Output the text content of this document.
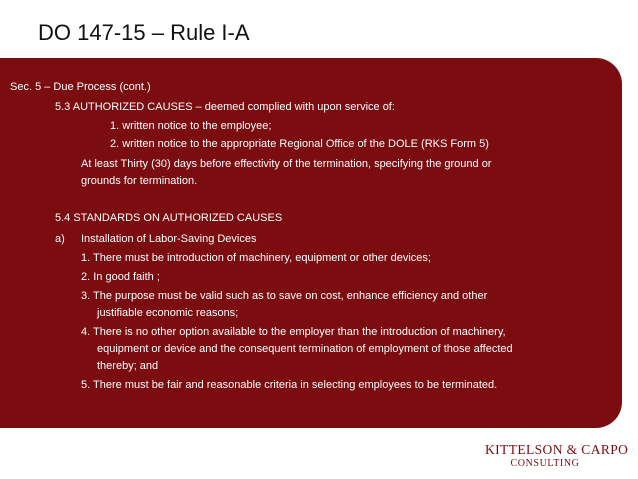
DO 147-15 – Rule I-A
Sec. 5 – Due Process (cont.)
5.3 AUTHORIZED CAUSES – deemed complied with upon service of:
1. written notice to the employee;
2. written notice to the appropriate Regional Office of the DOLE (RKS Form 5)
At least Thirty (30) days before effectivity of the termination, specifying the ground or
grounds for termination.
5.4 STANDARDS ON AUTHORIZED CAUSES
a) Installation of Labor-Saving Devices
1. There must be introduction of machinery, equipment or other devices;
2. In good faith ;
3. The purpose must be valid such as to save on cost, enhance efficiency and other
justifiable economic reasons;
4. There is no other option available to the employer than the introduction of machinery,
equipment or device and the consequent termination of employment of those affected
thereby; and
5. There must be fair and reasonable criteria in selecting employees to be terminated.
KITTELSON & CARPO
CONSULTING
